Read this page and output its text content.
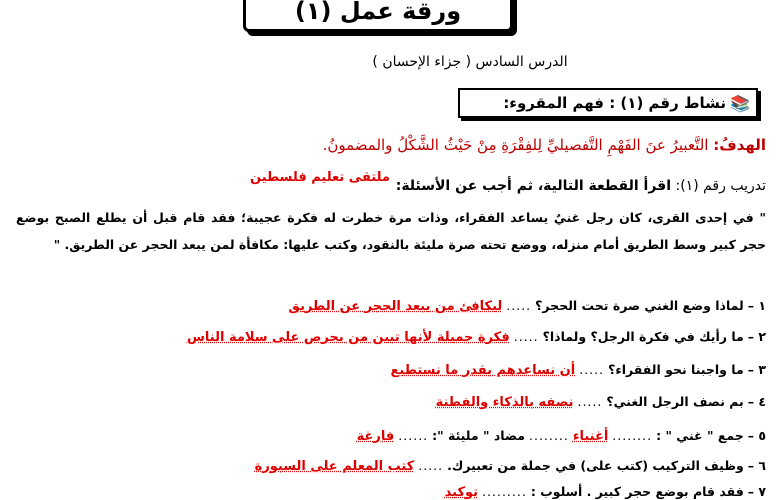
ورقة عمل (١)
الدرس السادس ( جزاء الإحسان )
📚
نشاط رقم (١) : فهم المقروء:
الهدفُ: التَّعبيرُ عنَ الفَهْمِ التَّفصيليِّ لِلفِقْرَةِ مِنْ حَيْثُ الشَّكْلُ والمضمونُ.
ملتقى تعليم فلسطين
تدريب رقم (١): اقرأ القطعة التالية، ثم أجب عن الأسئلة:
" في إحدى القرى، كان رجل غنيٌ يساعد الفقراء، وذات مرة خطرت له فكرة عجيبة؛ فقد قام قبل أن يطلع الصبح بوضع حجر كبير وسط الطريق أمام منزله، ووضع تحته صرة مليئة بالنقود، وكتب عليها: مكافأة لمن يبعد الحجر عن الطريق. "
١ –
لماذا وضع الغني صرة تحت الحجر؟
.....
ليكافئ من يبعد الحجر عن الطريق
٢ –
ما رأيك في فكرة الرجل؟ ولماذا؟
.....
فكرة جميلة لأنها تبين من يحرص على سلامة الناس
٣ –
ما واجبنا نحو الفقراء؟
.....
أن نساعدهم بقدر ما نستطيع
٤ –
بم نصف الرجل الغني؟
.....
نصفه بالذكاء والفطنة
٥ –
جمع " غني " :
........
أغنياء
........
مضاد " مليئة ":
......
فارغة
٦ –
وظيف التركيب (كتب على) في جملة من تعبيرك.
.....
كتب المعلم على السبورة
٧ –
فقد قام بوضع حجر كبير . أسلوب :
.........
توكيد
